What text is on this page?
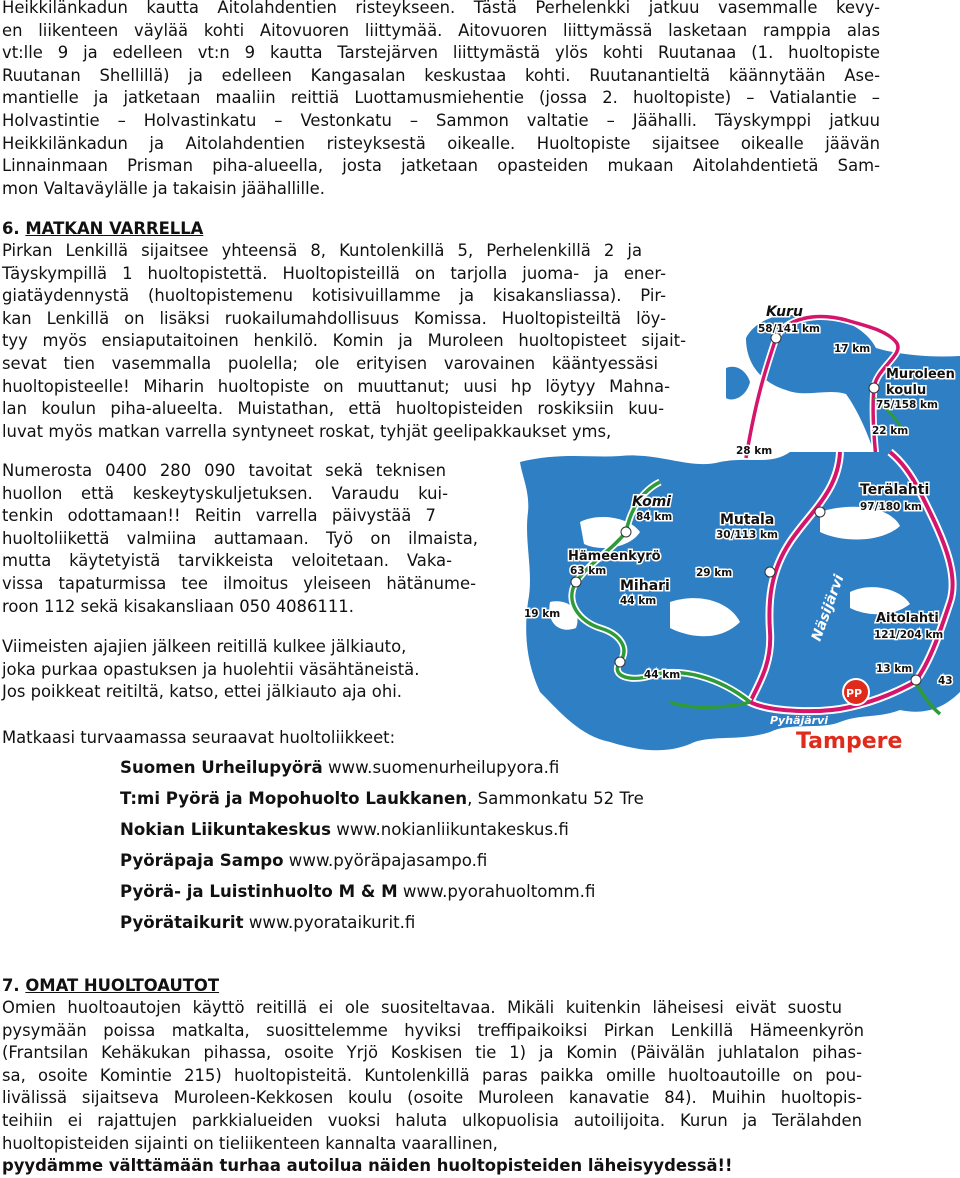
Heikkilänkadun kautta Aitolahdentien risteykseen. Tästä Perhelenkki jatkuu vasemmalle kevy-
en liikenteen väylää kohti Aitovuoren liittymää. Aitovuoren liittymässä lasketaan ramppia alas
vt:lle 9 ja edelleen vt:n 9 kautta Tarstejärven liittymästä ylös kohti Ruutanaa (1. huoltopiste
Ruutanan Shellillä) ja edelleen Kangasalan keskustaa kohti. Ruutanantieltä käännytään Ase-
mantielle ja jatketaan maaliin reittiä Luottamusmiehentie (jossa 2. huoltopiste) – Vatialantie –
Holvastintie – Holvastinkatu – Vestonkatu – Sammon valtatie – Jäähalli. Täyskymppi jatkuu
Heikkilänkadun ja Aitolahdentien risteyksestä oikealle. Huoltopiste sijaitsee oikealle jäävän
Linnainmaan Prisman piha-alueella, josta jatketaan opasteiden mukaan Aitolahdentietä Sam-
mon Valtaväylälle ja takaisin jäähallille.
6. MATKAN VARRELLA
Pirkan Lenkillä sijaitsee yhteensä 8, Kuntolenkillä 5, Perhelenkillä 2 ja
Täyskympillä 1 huoltopistettä. Huoltopisteillä on tarjolla juoma- ja ener-
giatäydennystä (huoltopistemenu kotisivuillamme ja kisakansliassa). Pir-
kan Lenkillä on lisäksi ruokailumahdollisuus Komissa. Huoltopisteiltä löy-
tyy myös ensiaputaitoinen henkilö. Komin ja Muroleen huoltopisteet sijait-
sevat tien vasemmalla puolella; ole erityisen varovainen kääntyessäsi
huoltopisteelle! Miharin huoltopiste on muuttanut; uusi hp löytyy Mahna-
lan koulun piha-alueelta. Muistathan, että huoltopisteiden roskiksiin kuu-
luvat myös matkan varrella syntyneet roskat, tyhjät geelipakkaukset yms,
Numerosta 0400 280 090 tavoitat sekä teknisen
huollon että keskeytyskuljetuksen. Varaudu kui-
tenkin odottamaan!! Reitin varrella päivystää 7
huoltoliikettä valmiina auttamaan. Työ on ilmaista,
mutta käytetyistä tarvikkeista veloitetaan. Vaka-
vissa tapaturmissa tee ilmoitus yleiseen hätänume-
roon 112 sekä kisakansliaan 050 4086111.
Viimeisten ajajien jälkeen reitillä kulkee jälkiauto,
joka purkaa opastuksen ja huolehtii väsähtäneistä.
Jos poikkeat reitiltä, katso, ettei jälkiauto aja ohi.
Matkaasi turvaamassa seuraavat huoltoliikkeet:
Suomen Urheilupyörä www.suomenurheilupyora.fi
T:mi Pyörä ja Mopohuolto Laukkanen, Sammonkatu 52 Tre
Nokian Liikuntakeskus www.nokianliikuntakeskus.fi
Pyöräpaja Sampo www.pyöräpajasampo.fi
Pyörä- ja Luistinhuolto M & M www.pyorahuoltomm.fi
Pyörätaikurit www.pyorataikurit.fi
7. OMAT HUOLTOAUTOT
Omien huoltoautojen käyttö reitillä ei ole suositeltavaa. Mikäli kuitenkin läheisesi eivät suostu
pysymään poissa matkalta, suosittelemme hyviksi treffipaikoiksi Pirkan Lenkillä Hämeenkyrön
(Frantsilan Kehäkukan pihassa, osoite Yrjö Koskisen tie 1) ja Komin (Päivälän juhlatalon pihas-
sa, osoite Komintie 215) huoltopisteitä. Kuntolenkillä paras paikka omille huoltoautoille on pou-
livälissä sijaitseva Muroleen-Kekkosen koulu (osoite Muroleen kanavatie 84). Muihin huoltopis-
teihiin ei rajattujen parkkialueiden vuoksi haluta ulkopuolisia autoilijoita. Kurun ja Terälahden
huoltopisteiden sijainti on tieliikenteen kannalta vaarallinen,
pyydämme välttämään turhaa autoilua näiden huoltopisteiden läheisyydessä!!
Kuru
58/141 km
17 km
Muroleen
koulu
75/158 km
22 km
28 km
Komi
84 km
Hämeenkyrö
63 km
Mutala
30/113 km
Terälahti
97/180 km
29 km
19 km
Mihari
44 km
Aitolahti
121/204 km
44 km	13 km
43
Näsijärvi
Pyhäjärvi
PP
Tampere
